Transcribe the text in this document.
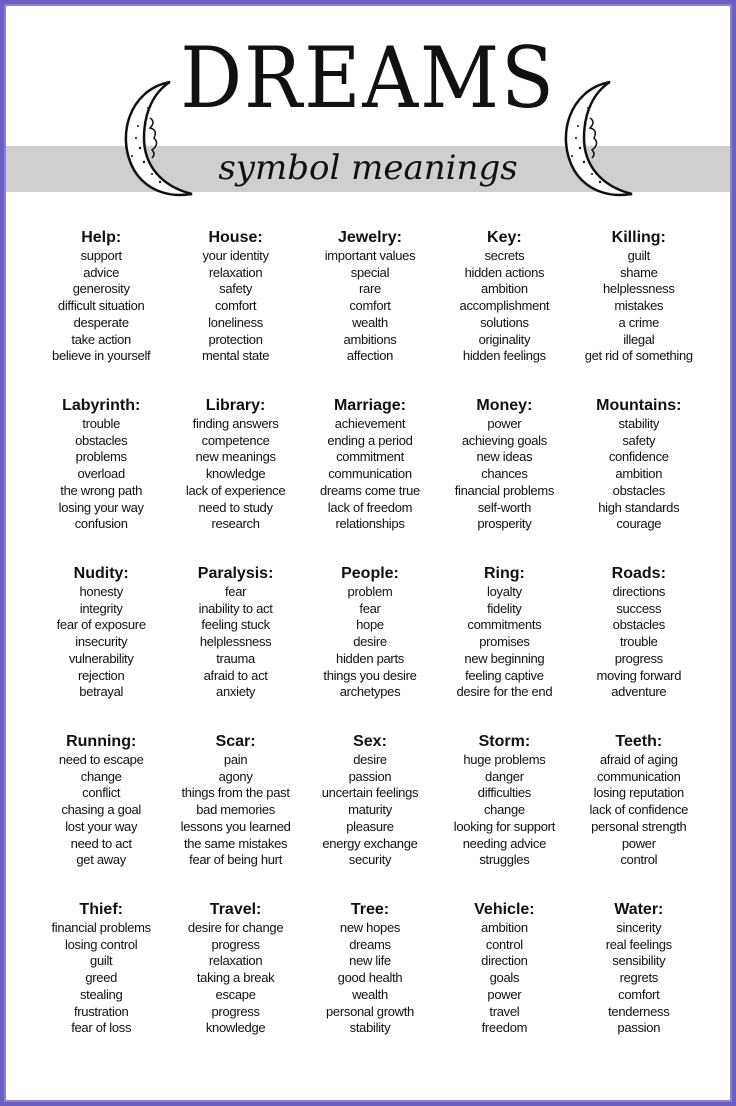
DREAMS
symbol meanings
Help:
support
advice
generosity
difficult situation
desperate
take action
believe in yourself
House:
your identity
relaxation
safety
comfort
loneliness
protection
mental state
Jewelry:
important values
special
rare
comfort
wealth
ambitions
affection
Key:
secrets
hidden actions
ambition
accomplishment
solutions
originality
hidden feelings
Killing:
guilt
shame
helplessness
mistakes
a crime
illegal
get rid of something
Labyrinth:
trouble
obstacles
problems
overload
the wrong path
losing your way
confusion
Library:
finding answers
competence
new meanings
knowledge
lack of experience
need to study
research
Marriage:
achievement
ending a period
commitment
communication
dreams come true
lack of freedom
relationships
Money:
power
achieving goals
new ideas
chances
financial problems
self-worth
prosperity
Mountains:
stability
safety
confidence
ambition
obstacles
high standards
courage
Nudity:
honesty
integrity
fear of exposure
insecurity
vulnerability
rejection
betrayal
Paralysis:
fear
inability to act
feeling stuck
helplessness
trauma
afraid to act
anxiety
People:
problem
fear
hope
desire
hidden parts
things you desire
archetypes
Ring:
loyalty
fidelity
commitments
promises
new beginning
feeling captive
desire for the end
Roads:
directions
success
obstacles
trouble
progress
moving forward
adventure
Running:
need to escape
change
conflict
chasing a goal
lost your way
need to act
get away
Scar:
pain
agony
things from the past
bad memories
lessons you learned
the same mistakes
fear of being hurt
Sex:
desire
passion
uncertain feelings
maturity
pleasure
energy exchange
security
Storm:
huge problems
danger
difficulties
change
looking for support
needing advice
struggles
Teeth:
afraid of aging
communication
losing reputation
lack of confidence
personal strength
power
control
Thief:
financial problems
losing control
guilt
greed
stealing
frustration
fear of loss
Travel:
desire for change
progress
relaxation
taking a break
escape
progress
knowledge
Tree:
new hopes
dreams
new life
good health
wealth
personal growth
stability
Vehicle:
ambition
control
direction
goals
power
travel
freedom
Water:
sincerity
real feelings
sensibility
regrets
comfort
tenderness
passion
